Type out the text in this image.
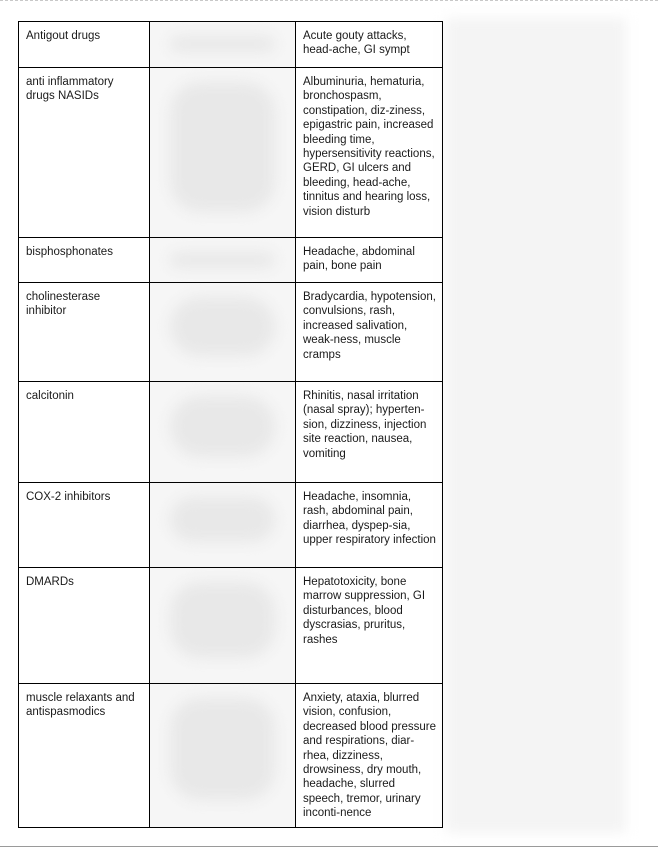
Antigout drugs		Acute gouty attacks, head-ache, GI sympt

anti inflammatory drugs NASIDs		Albuminuria, hematuria, bronchospasm, constipation, diz-ziness, epigastric pain, increased bleeding time, hypersensitivity reactions, GERD, GI ulcers and bleeding, head-ache, tinnitus and hearing loss, vision disturb

bisphosphonates		Headache, abdominal pain, bone pain

cholinesterase inhibitor		Bradycardia, hypotension, convulsions, rash, increased salivation, weak-ness, muscle cramps

calcitonin		Rhinitis, nasal irritation (nasal spray); hyperten-sion, dizziness, injection site reaction, nausea, vomiting

COX-2 inhibitors		Headache, insomnia, rash, abdominal pain, diarrhea, dyspep-sia, upper respiratory infection

DMARDs		Hepatotoxicity, bone marrow suppression, GI disturbances, blood dyscrasias, pruritus, rashes

muscle relaxants and antispasmodics		Anxiety, ataxia, blurred vision, confusion, decreased blood pressure and respirations, diar-rhea, dizziness, drowsiness, dry mouth, headache, slurred speech, tremor, urinary inconti-nence
